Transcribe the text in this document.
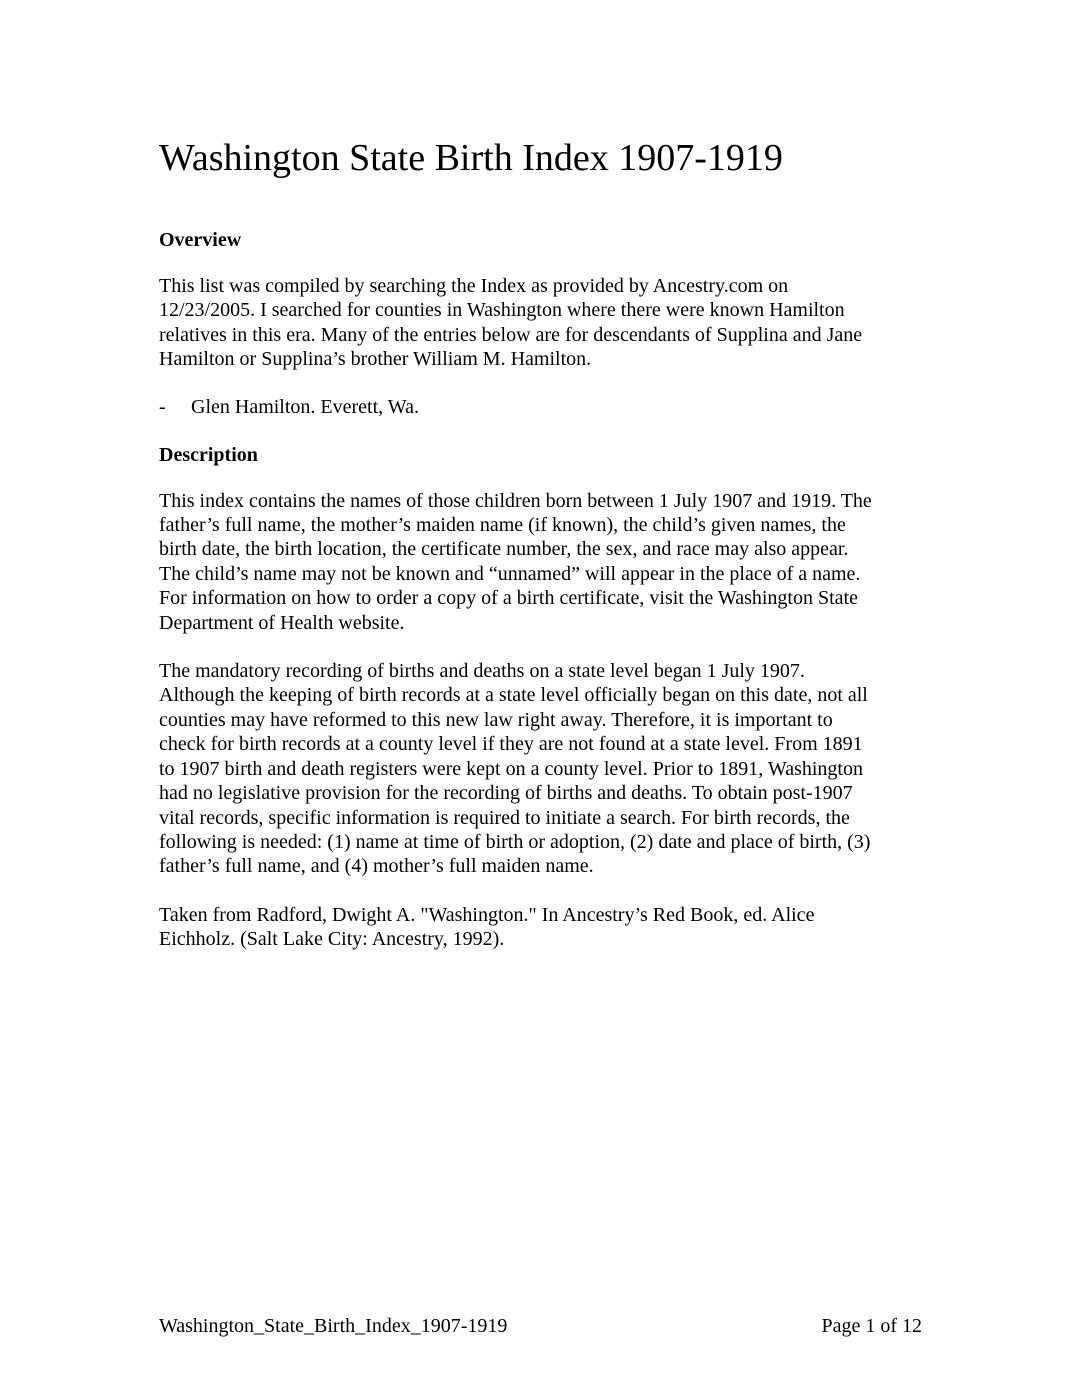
Washington State Birth Index 1907-1919
Overview

This list was compiled by searching the Index as provided by Ancestry.com on
12/23/2005. I searched for counties in Washington where there were known Hamilton
relatives in this era. Many of the entries below are for descendants of Supplina and Jane
Hamilton or Supplina’s brother William M. Hamilton.

- Glen Hamilton. Everett, Wa.

Description

This index contains the names of those children born between 1 July 1907 and 1919. The
father’s full name, the mother’s maiden name (if known), the child’s given names, the
birth date, the birth location, the certificate number, the sex, and race may also appear.
The child’s name may not be known and “unnamed” will appear in the place of a name.
For information on how to order a copy of a birth certificate, visit the Washington State
Department of Health website.

The mandatory recording of births and deaths on a state level began 1 July 1907.
Although the keeping of birth records at a state level officially began on this date, not all
counties may have reformed to this new law right away. Therefore, it is important to
check for birth records at a county level if they are not found at a state level. From 1891
to 1907 birth and death registers were kept on a county level. Prior to 1891, Washington
had no legislative provision for the recording of births and deaths. To obtain post-1907
vital records, specific information is required to initiate a search. For birth records, the
following is needed: (1) name at time of birth or adoption, (2) date and place of birth, (3)
father’s full name, and (4) mother’s full maiden name.

Taken from Radford, Dwight A. "Washington." In Ancestry’s Red Book, ed. Alice
Eichholz. (Salt Lake City: Ancestry, 1992).

Washington_State_Birth_Index_1907-1919	Page 1 of 12
